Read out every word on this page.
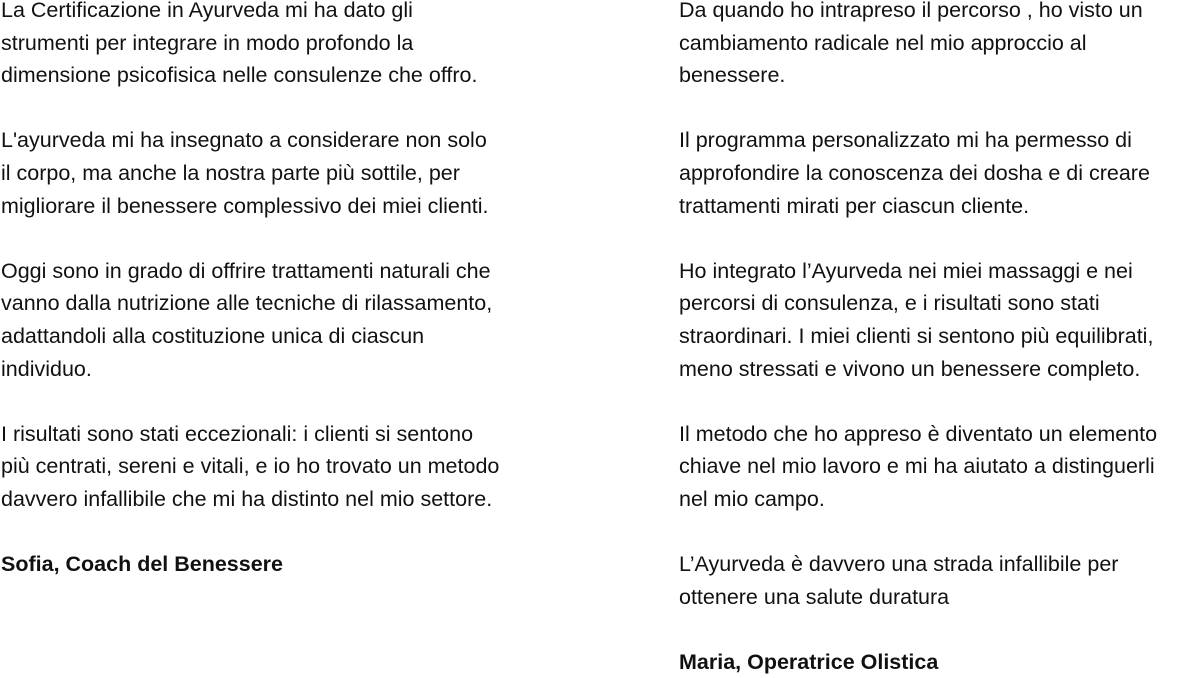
La Certificazione in Ayurveda mi ha dato gli
strumenti per integrare in modo profondo la
dimensione psicofisica nelle consulenze che offro.

L'ayurveda mi ha insegnato a considerare non solo
il corpo, ma anche la nostra parte più sottile, per
migliorare il benessere complessivo dei miei clienti.

Oggi sono in grado di offrire trattamenti naturali che
vanno dalla nutrizione alle tecniche di rilassamento,
adattandoli alla costituzione unica di ciascun
individuo.

I risultati sono stati eccezionali: i clienti si sentono
più centrati, sereni e vitali, e io ho trovato un metodo
davvero infallibile che mi ha distinto nel mio settore.

Sofia, Coach del Benessere

Da quando ho intrapreso il percorso , ho visto un
cambiamento radicale nel mio approccio al
benessere.

Il programma personalizzato mi ha permesso di
approfondire la conoscenza dei dosha e di creare
trattamenti mirati per ciascun cliente.

Ho integrato l’Ayurveda nei miei massaggi e nei
percorsi di consulenza, e i risultati sono stati
straordinari. I miei clienti si sentono più equilibrati,
meno stressati e vivono un benessere completo.

Il metodo che ho appreso è diventato un elemento
chiave nel mio lavoro e mi ha aiutato a distinguerli
nel mio campo.

L’Ayurveda è davvero una strada infallibile per
ottenere una salute duratura

Maria, Operatrice Olistica
